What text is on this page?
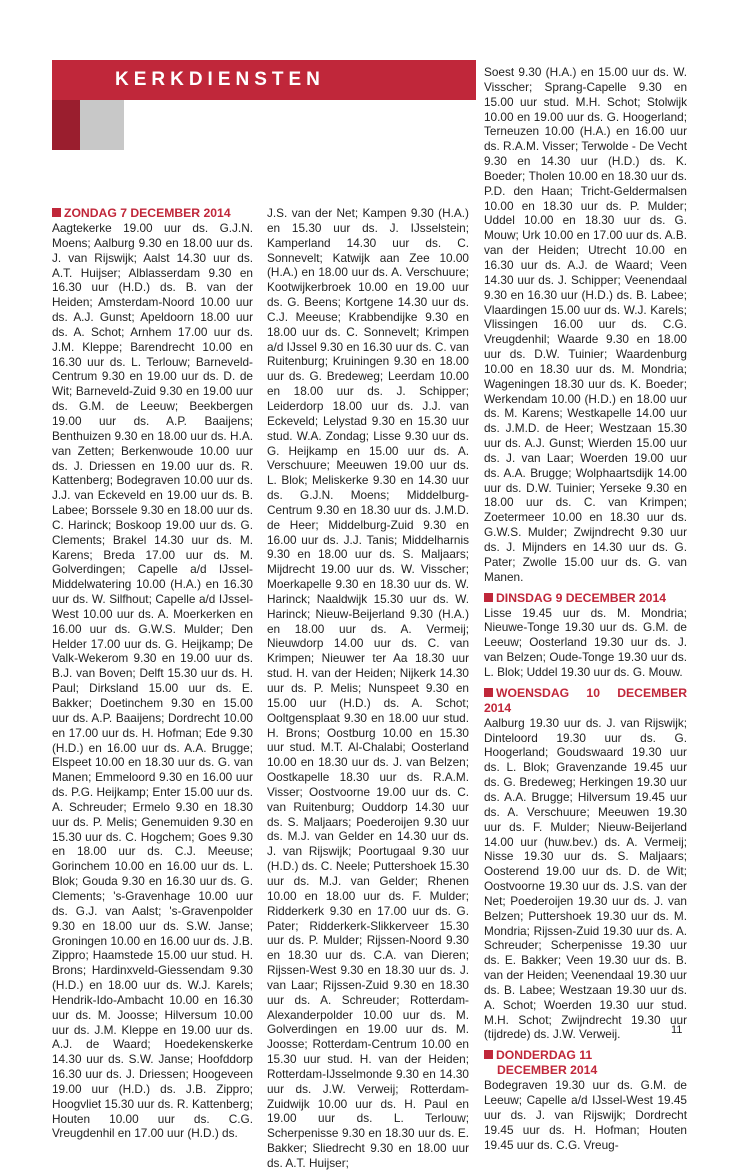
KERKDIENSTEN
ZONDAG 7 DECEMBER 2014

Aagtekerke 19.00 uur ds. G.J.N. Moens; Aalburg 9.30 en 18.00 uur ds. J. van Rijswijk; Aalst 14.30 uur ds. A.T. Huijser; Alblasserdam 9.30 en 16.30 uur (H.D.) ds. B. van der Heiden; Amsterdam-Noord 10.00 uur ds. A.J. Gunst; Apeldoorn 18.00 uur ds. A. Schot; Arnhem 17.00 uur ds. J.M. Kleppe; Barendrecht 10.00 en 16.30 uur ds. L. Terlouw; Barneveld-Centrum 9.30 en 19.00 uur ds. D. de Wit; Barneveld-Zuid 9.30 en 19.00 uur ds. G.M. de Leeuw; Beekbergen 19.00 uur ds. A.P. Baaijens; Benthuizen 9.30 en 18.00 uur ds. H.A. van Zetten; Berkenwoude 10.00 uur ds. J. Driessen en 19.00 uur ds. R. Kattenberg; Bodegraven 10.00 uur ds. J.J. van Eckeveld en 19.00 uur ds. B. Labee; Borssele 9.30 en 18.00 uur ds. C. Harinck; Boskoop 19.00 uur ds. G. Clements; Brakel 14.30 uur ds. M. Karens; Breda 17.00 uur ds. M. Golverdingen; Capelle a/d IJssel-Middelwatering 10.00 (H.A.) en 16.30 uur ds. W. Silfhout; Capelle a/d IJssel-West 10.00 uur ds. A. Moerkerken en 16.00 uur ds. G.W.S. Mulder; Den Helder 17.00 uur ds. G. Heijkamp; De Valk-Wekerom 9.30 en 19.00 uur ds. B.J. van Boven; Delft 15.30 uur ds. H. Paul; Dirksland 15.00 uur ds. E. Bakker; Doetinchem 9.30 en 15.00 uur ds. A.P. Baaijens; Dordrecht 10.00 en 17.00 uur ds. H. Hofman; Ede 9.30 (H.D.) en 16.00 uur ds. A.A. Brugge; Elspeet 10.00 en 18.30 uur ds. G. van Manen; Emmeloord 9.30 en 16.00 uur ds. P.G. Heijkamp; Enter 15.00 uur ds. A. Schreuder; Ermelo 9.30 en 18.30 uur ds. P. Melis; Genemuiden 9.30 en 15.30 uur ds. C. Hogchem; Goes 9.30 en 18.00 uur ds. C.J. Meeuse; Gorinchem 10.00 en 16.00 uur ds. L. Blok; Gouda 9.30 en 16.30 uur ds. G. Clements; 's-Gravenhage 10.00 uur ds. G.J. van Aalst; 's-Gravenpolder 9.30 en 18.00 uur ds. S.W. Janse; Groningen 10.00 en 16.00 uur ds. J.B. Zippro; Haamstede 15.00 uur stud. H. Brons; Hardinxveld-Giessendam 9.30 (H.D.) en 18.00 uur ds. W.J. Karels; Hendrik-Ido-Ambacht 10.00 en 16.30 uur ds. M. Joosse; Hilversum 10.00 uur ds. J.M. Kleppe en 19.00 uur ds. A.J. de Waard; Hoedekenskerke 14.30 uur ds. S.W. Janse; Hoofddorp 16.30 uur ds. J. Driessen; Hoogeveen 19.00 uur (H.D.) ds. J.B. Zippro; Hoogvliet 15.30 uur ds. R. Kattenberg; Houten 10.00 uur ds. C.G. Vreugdenhil en 17.00 uur (H.D.) ds.

J.S. van der Net; Kampen 9.30 (H.A.) en 15.30 uur ds. J. IJsselstein; Kamperland 14.30 uur ds. C. Sonnevelt; Katwijk aan Zee 10.00 (H.A.) en 18.00 uur ds. A. Verschuure; Kootwijkerbroek 10.00 en 19.00 uur ds. G. Beens; Kortgene 14.30 uur ds. C.J. Meeuse; Krabbendijke 9.30 en 18.00 uur ds. C. Sonnevelt; Krimpen a/d IJssel 9.30 en 16.30 uur ds. C. van Ruitenburg; Kruiningen 9.30 en 18.00 uur ds. G. Bredeweg; Leerdam 10.00 en 18.00 uur ds. J. Schipper; Leiderdorp 18.00 uur ds. J.J. van Eckeveld; Lelystad 9.30 en 15.30 uur stud. W.A. Zondag; Lisse 9.30 uur ds. G. Heijkamp en 15.00 uur ds. A. Verschuure; Meeuwen 19.00 uur ds. L. Blok; Meliskerke 9.30 en 14.30 uur ds. G.J.N. Moens; Middelburg-Centrum 9.30 en 18.30 uur ds. J.M.D. de Heer; Middelburg-Zuid 9.30 en 16.00 uur ds. J.J. Tanis; Middelharnis 9.30 en 18.00 uur ds. S. Maljaars; Mijdrecht 19.00 uur ds. W. Visscher; Moerkapelle 9.30 en 18.30 uur ds. W. Harinck; Naaldwijk 15.30 uur ds. W. Harinck; Nieuw-Beijerland 9.30 (H.A.) en 18.00 uur ds. A. Vermeij; Nieuwdorp 14.00 uur ds. C. van Krimpen; Nieuwer ter Aa 18.30 uur stud. H. van der Heiden; Nijkerk 14.30 uur ds. P. Melis; Nunspeet 9.30 en 15.00 uur (H.D.) ds. A. Schot; Ooltgensplaat 9.30 en 18.00 uur stud. H. Brons; Oostburg 10.00 en 15.30 uur stud. M.T. Al-Chalabi; Oosterland 10.00 en 18.30 uur ds. J. van Belzen; Oostkapelle 18.30 uur ds. R.A.M. Visser; Oostvoorne 19.00 uur ds. C. van Ruitenburg; Ouddorp 14.30 uur ds. S. Maljaars; Poederoijen 9.30 uur ds. M.J. van Gelder en 14.30 uur ds. J. van Rijswijk; Poortugaal 9.30 uur (H.D.) ds. C. Neele; Puttershoek 15.30 uur ds. M.J. van Gelder; Rhenen 10.00 en 18.00 uur ds. F. Mulder; Ridderkerk 9.30 en 17.00 uur ds. G. Pater; Ridderkerk-Slikkerveer 15.30 uur ds. P. Mulder; Rijssen-Noord 9.30 en 18.30 uur ds. C.A. van Dieren; Rijssen-West 9.30 en 18.30 uur ds. J. van Laar; Rijssen-Zuid 9.30 en 18.30 uur ds. A. Schreuder; Rotterdam-Alexanderpolder 10.00 uur ds. M. Golverdingen en 19.00 uur ds. M. Joosse; Rotterdam-Centrum 10.00 en 15.30 uur stud. H. van der Heiden; Rotterdam-IJsselmonde 9.30 en 14.30 uur ds. J.W. Verweij; Rotterdam-Zuidwijk 10.00 uur ds. H. Paul en 19.00 uur ds. L. Terlouw; Scherpenisse 9.30 en 18.30 uur ds. E. Bakker; Sliedrecht 9.30 en 18.00 uur ds. A.T. Huijser;

Soest 9.30 (H.A.) en 15.00 uur ds. W. Visscher; Sprang-Capelle 9.30 en 15.00 uur stud. M.H. Schot; Stolwijk 10.00 en 19.00 uur ds. G. Hoogerland; Terneuzen 10.00 (H.A.) en 16.00 uur ds. R.A.M. Visser; Terwolde - De Vecht 9.30 en 14.30 uur (H.D.) ds. K. Boeder; Tholen 10.00 en 18.30 uur ds. P.D. den Haan; Tricht-Geldermalsen 10.00 en 18.30 uur ds. P. Mulder; Uddel 10.00 en 18.30 uur ds. G. Mouw; Urk 10.00 en 17.00 uur ds. A.B. van der Heiden; Utrecht 10.00 en 16.30 uur ds. A.J. de Waard; Veen 14.30 uur ds. J. Schipper; Veenendaal 9.30 en 16.30 uur (H.D.) ds. B. Labee; Vlaardingen 15.00 uur ds. W.J. Karels; Vlissingen 16.00 uur ds. C.G. Vreugdenhil; Waarde 9.30 en 18.00 uur ds. D.W. Tuinier; Waardenburg 10.00 en 18.30 uur ds. M. Mondria; Wageningen 18.30 uur ds. K. Boeder; Werkendam 10.00 (H.D.) en 18.00 uur ds. M. Karens; Westkapelle 14.00 uur ds. J.M.D. de Heer; Westzaan 15.30 uur ds. A.J. Gunst; Wierden 15.00 uur ds. J. van Laar; Woerden 19.00 uur ds. A.A. Brugge; Wolphaartsdijk 14.00 uur ds. D.W. Tuinier; Yerseke 9.30 en 18.00 uur ds. C. van Krimpen; Zoetermeer 10.00 en 18.30 uur ds. G.W.S. Mulder; Zwijndrecht 9.30 uur ds. J. Mijnders en 14.30 uur ds. G. Pater; Zwolle 15.00 uur ds. G. van Manen.

DINSDAG 9 DECEMBER 2014

Lisse 19.45 uur ds. M. Mondria; Nieuwe-Tonge 19.30 uur ds. G.M. de Leeuw; Oosterland 19.30 uur ds. J. van Belzen; Oude-Tonge 19.30 uur ds. L. Blok; Uddel 19.30 uur ds. G. Mouw.

WOENSDAG 10 DECEMBER 2014

Aalburg 19.30 uur ds. J. van Rijswijk; Dinteloord 19.30 uur ds. G. Hoogerland; Goudswaard 19.30 uur ds. L. Blok; Gravenzande 19.45 uur ds. G. Bredeweg; Herkingen 19.30 uur ds. A.A. Brugge; Hilversum 19.45 uur ds. A. Verschuure; Meeuwen 19.30 uur ds. F. Mulder; Nieuw-Beijerland 14.00 uur (huw.bev.) ds. A. Vermeij; Nisse 19.30 uur ds. S. Maljaars; Oosterend 19.00 uur ds. D. de Wit; Oostvoorne 19.30 uur ds. J.S. van der Net; Poederoijen 19.30 uur ds. J. van Belzen; Puttershoek 19.30 uur ds. M. Mondria; Rijssen-Zuid 19.30 uur ds. A. Schreuder; Scherpenisse 19.30 uur ds. E. Bakker; Veen 19.30 uur ds. B. van der Heiden; Veenendaal 19.30 uur ds. B. Labee; Westzaan 19.30 uur ds. A. Schot; Woerden 19.30 uur stud. M.H. Schot; Zwijndrecht 19.30 uur (tijdrede) ds. J.W. Verweij.

DONDERDAG 11
DECEMBER 2014

Bodegraven 19.30 uur ds. G.M. de Leeuw; Capelle a/d IJssel-West 19.45 uur ds. J. van Rijswijk; Dordrecht 19.45 uur ds. H. Hofman; Houten 19.45 uur ds. C.G. Vreug-

11
